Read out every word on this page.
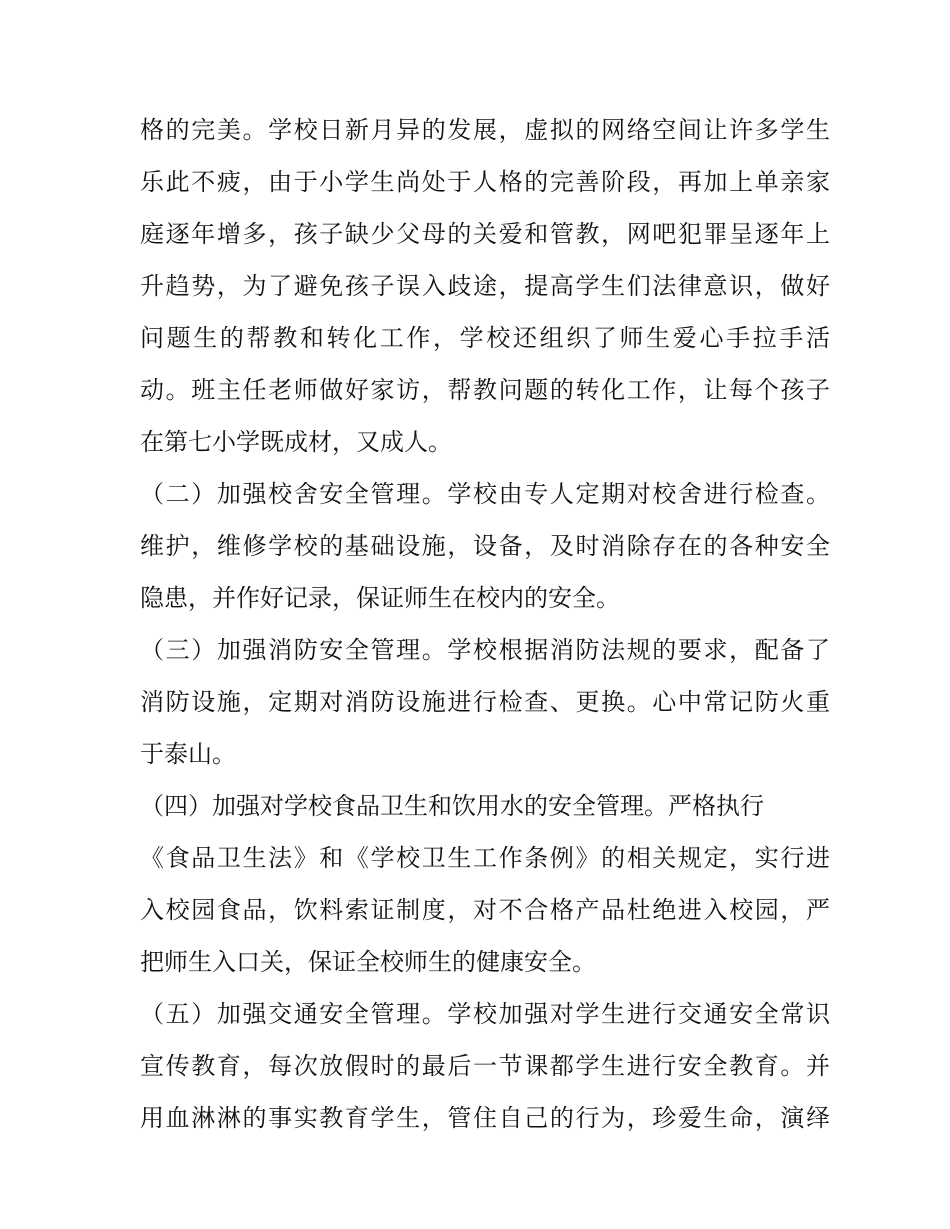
格的完美。学校日新月异的发展，虚拟的网络空间让许多学生
乐此不疲，由于小学生尚处于人格的完善阶段，再加上单亲家
庭逐年增多，孩子缺少父母的关爱和管教，网吧犯罪呈逐年上
升趋势，为了避免孩子误入歧途，提高学生们法律意识，做好
问题生的帮教和转化工作，学校还组织了师生爱心手拉手活
动。班主任老师做好家访，帮教问题的转化工作，让每个孩子
在第七小学既成材，又成人。
（二）加强校舍安全管理。学校由专人定期对校舍进行检查。
维护，维修学校的基础设施，设备，及时消除存在的各种安全
隐患，并作好记录，保证师生在校内的安全。
（三）加强消防安全管理。学校根据消防法规的要求，配备了
消防设施，定期对消防设施进行检查、更换。心中常记防火重
于泰山。
（四）加强对学校食品卫生和饮用水的安全管理。严格执行
《食品卫生法》和《学校卫生工作条例》的相关规定，实行进
入校园食品，饮料索证制度，对不合格产品杜绝进入校园，严
把师生入口关，保证全校师生的健康安全。
（五）加强交通安全管理。学校加强对学生进行交通安全常识
宣传教育，每次放假时的最后一节课都学生进行安全教育。并
用血淋淋的事实教育学生，管住自己的行为，珍爱生命，演绎
